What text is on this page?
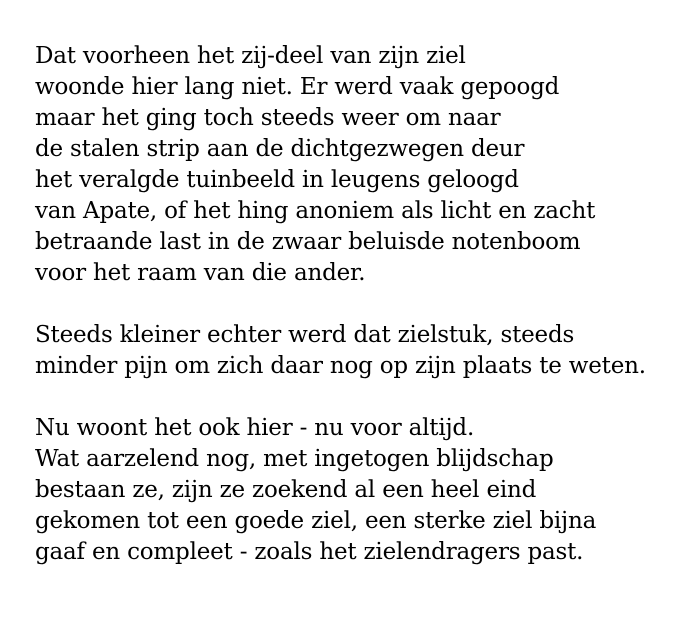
Dat voorheen het zij-deel van zijn ziel
woonde hier lang niet. Er werd vaak gepoogd
maar het ging toch steeds weer om naar
de stalen strip aan de dichtgezwegen deur
het veralgde tuinbeeld in leugens geloogd
van Apate, of het hing anoniem als licht en zacht
betraande last in de zwaar beluisde notenboom
voor het raam van die ander.
Steeds kleiner echter werd dat zielstuk, steeds
minder pijn om zich daar nog op zijn plaats te weten.
Nu woont het ook hier - nu voor altijd.
Wat aarzelend nog, met ingetogen blijdschap
bestaan ze, zijn ze zoekend al een heel eind
gekomen tot een goede ziel, een sterke ziel bijna
gaaf en compleet - zoals het zielendragers past.
